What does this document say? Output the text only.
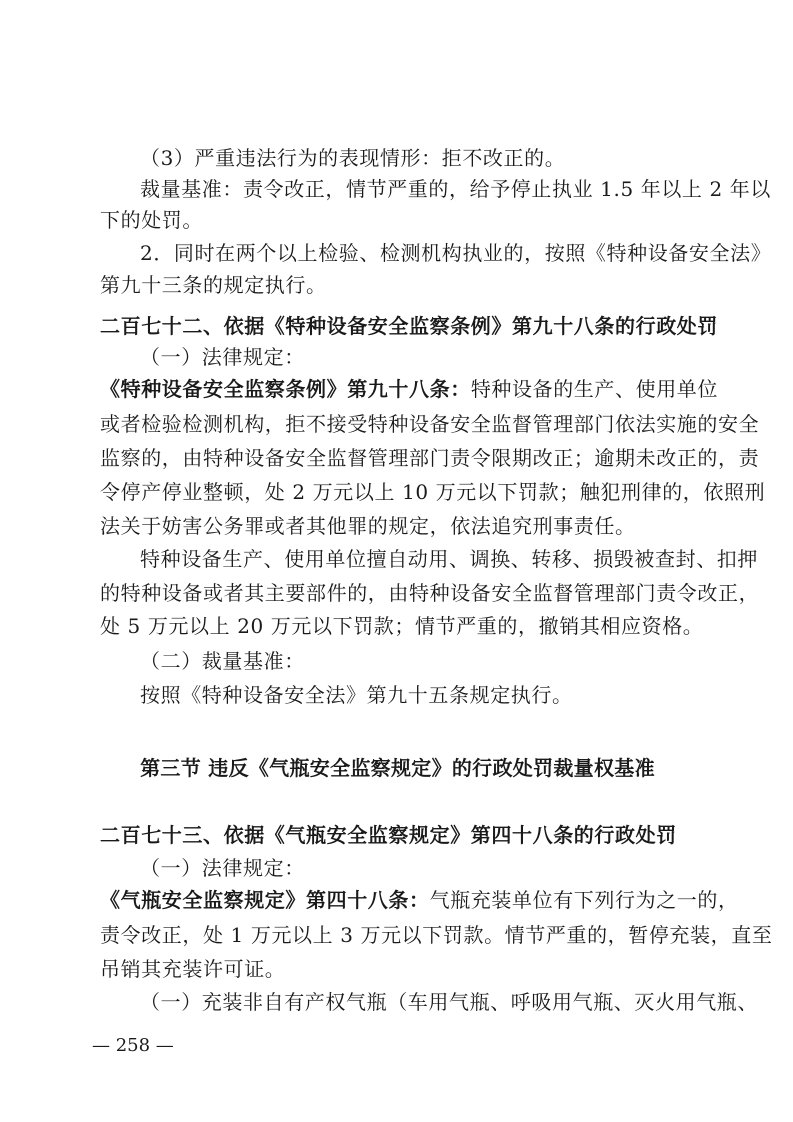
（3）严重违法行为的表现情形：拒不改正的。
裁量基准：责令改正，情节严重的，给予停止执业 1.5 年以上 2 年以
下的处罚。
2．同时在两个以上检验、检测机构执业的，按照《特种设备安全法》
第九十三条的规定执行。
二百七十二、依据《特种设备安全监察条例》第九十八条的行政处罚
（一）法律规定：
《特种设备安全监察条例》第九十八条：特种设备的生产、使用单位
或者检验检测机构，拒不接受特种设备安全监督管理部门依法实施的安全
监察的，由特种设备安全监督管理部门责令限期改正；逾期未改正的，责
令停产停业整顿，处 2 万元以上 10 万元以下罚款；触犯刑律的，依照刑
法关于妨害公务罪或者其他罪的规定，依法追究刑事责任。
特种设备生产、使用单位擅自动用、调换、转移、损毁被查封、扣押
的特种设备或者其主要部件的，由特种设备安全监督管理部门责令改正，
处 5 万元以上 20 万元以下罚款；情节严重的，撤销其相应资格。
（二）裁量基准：
按照《特种设备安全法》第九十五条规定执行。
第三节 违反《气瓶安全监察规定》的行政处罚裁量权基准
二百七十三、依据《气瓶安全监察规定》第四十八条的行政处罚
（一）法律规定：
《气瓶安全监察规定》第四十八条：气瓶充装单位有下列行为之一的，
责令改正，处 1 万元以上 3 万元以下罚款。情节严重的，暂停充装，直至
吊销其充装许可证。
（一）充装非自有产权气瓶（车用气瓶、呼吸用气瓶、灭火用气瓶、
— 258 —
